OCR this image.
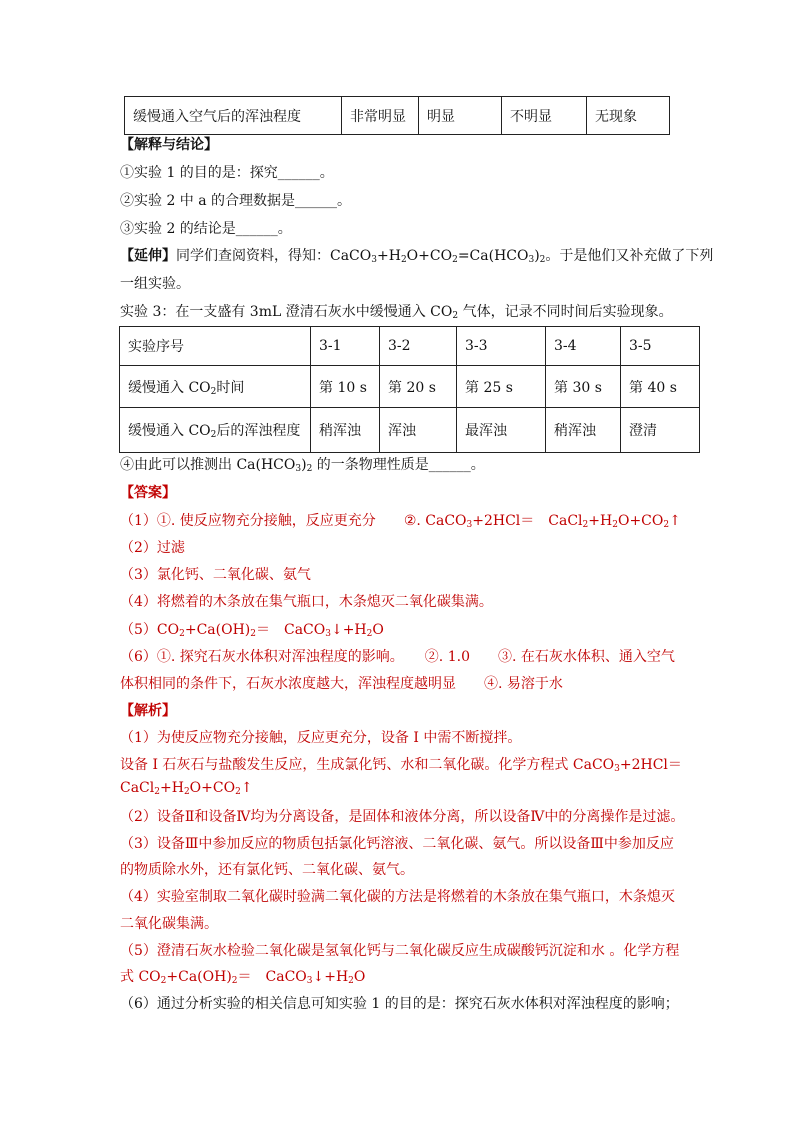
缓慢通入空气后的浑浊程度	非常明显	明显	不明显	无现象
【解释与结论】
①实验 1 的目的是：探究______。
②实验 2 中 a 的合理数据是______。
③实验 2 的结论是______。
【延伸】同学们查阅资料，得知：$CaCO_3+H_2O+CO_2=Ca(HCO_3)_2$。于是他们又补充做了下列
一组实验。
实验 3：在一支盛有 3mL 澄清石灰水中缓慢通入 $CO_2$ 气体，记录不同时间后实验现象。
实验序号	3-1	3-2	3-3	3-4	3-5
缓慢通入 $CO_2$时间	第 10 s	第 20 s	第 25 s	第 30 s	第 40 s
缓慢通入 $CO_2$后的浑浊程度	稍浑浊	浑浊	最浑浊	稍浑浊	澄清
④由此可以推测出 $Ca(HCO_3)_2$ 的一条物理性质是______。
【答案】
（1）①. 使反应物充分接触，反应更充分 ②. CaCO$_3$+2HCl＝　$CaCl_2+H_2O+CO_2↑$
（2）过滤
（3）氯化钙、二氧化碳、氨气
（4）将燃着的木条放在集气瓶口，木条熄灭二氧化碳集满。
$(5)CO_2+Ca(OH)_2=$　$CaCO_3↓+H_2O$
（6）①. 探究石灰水体积对浑浊程度的影响。　　②. 1.0　　③. 在石灰水体积、通入空气
体积相同的条件下，石灰水浓度越大，浑浊程度越明显　　④. 易溶于水
【解析】
（1）为使反应物充分接触，反应更充分，设备 I 中需不断搅拌。
设备 I 石灰石与盐酸发生反应，生成氯化钙、水和二氧化碳。化学方程式 CaCO$_3$+2HCl＝
$CaCl_2+H_2O+CO_2↑$
（2）设备Ⅱ和设备Ⅳ均为分离设备，是固体和液体分离，所以设备Ⅳ中的分离操作是过滤。
（3）设备Ⅲ中参加反应的物质包括氯化钙溶液、二氧化碳、氨气。所以设备Ⅲ中参加反应
的物质除水外，还有氯化钙、二氧化碳、氨气。
（4）实验室制取二氧化碳时验满二氧化碳的方法是将燃着的木条放在集气瓶口，木条熄灭
二氧化碳集满。
（5）澄清石灰水检验二氧化碳是氢氧化钙与二氧化碳反应生成碳酸钙沉淀和水 。化学方程
式 $CO_2+Ca(OH)_2=$　$CaCO_3↓+H_2O$
（6）通过分析实验的相关信息可知实验 1 的目的是：探究石灰水体积对浑浊程度的影响；
